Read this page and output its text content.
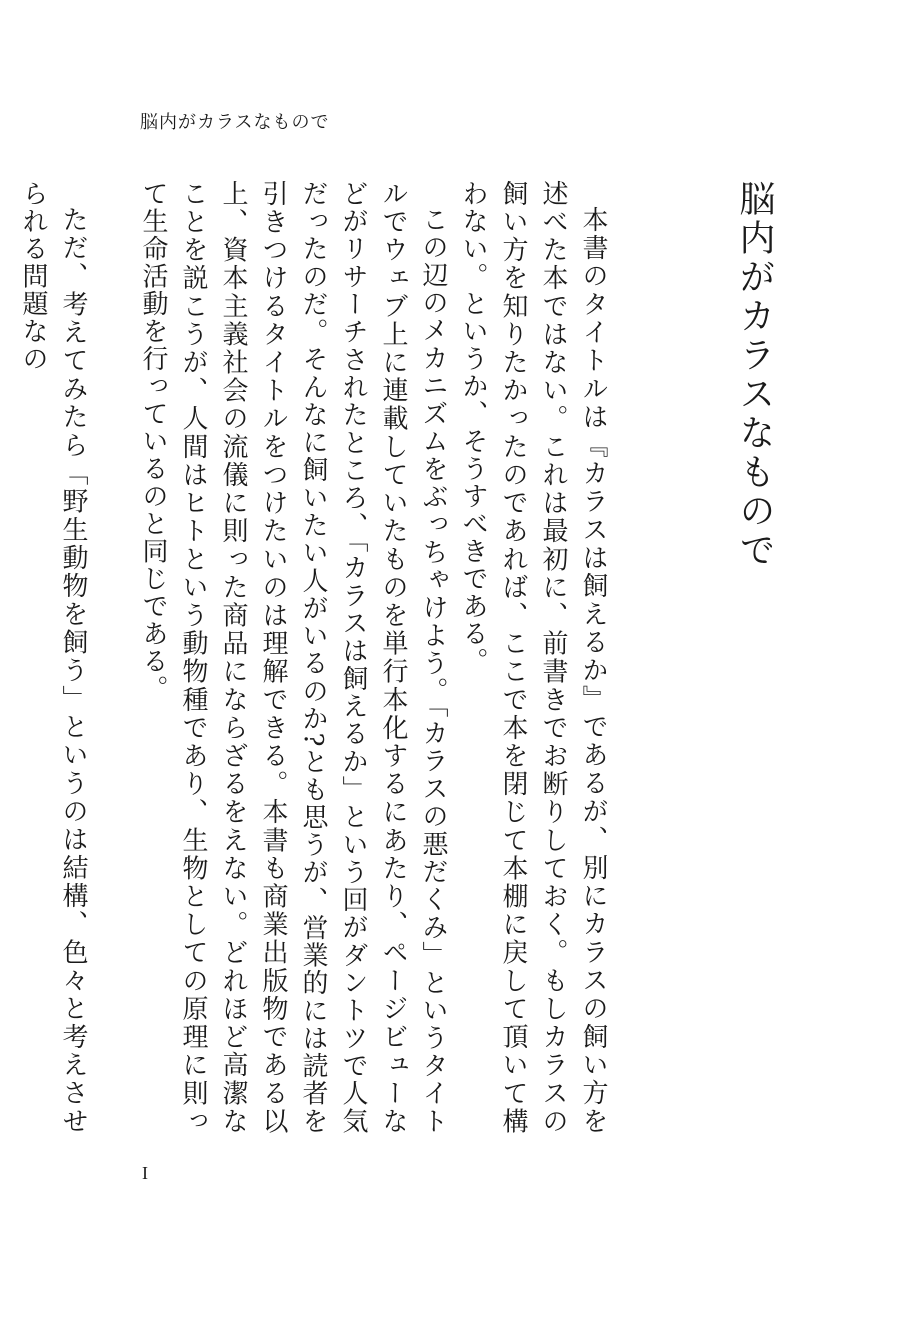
脳内がカラスなもので
脳内がカラスなもので

本書のタイトルは『カラスは飼えるか』であるが、別にカラスの飼い方を述べた本ではない。これは最初に、前書きでお断りしておく。もしカラスの飼い方を知りたかったのであれば、ここで本を閉じて本棚に戻して頂いて構わない。というか、そうすべきである。

この辺のメカニズムをぶっちゃけよう。「カラスの悪だくみ」というタイトルでウェブ上に連載していたものを単行本化するにあたり、ページビューなどがリサーチされたところ、「カラスは飼えるか」という回がダントツで人気だったのだ。そんなに飼いたい人がいるのか?とも思うが、営業的には読者を引きつけるタイトルをつけたいのは理解できる。本書も商業出版物である以上、資本主義社会の流儀に則った商品にならざるをえない。どれほど高潔なことを説こうが、人間はヒトという動物種であり、生物としての原理に則って生命活動を行っているのと同じである。

ただ、考えてみたら「野生動物を飼う」というのは結構、色々と考えさせられる問題なの

I
